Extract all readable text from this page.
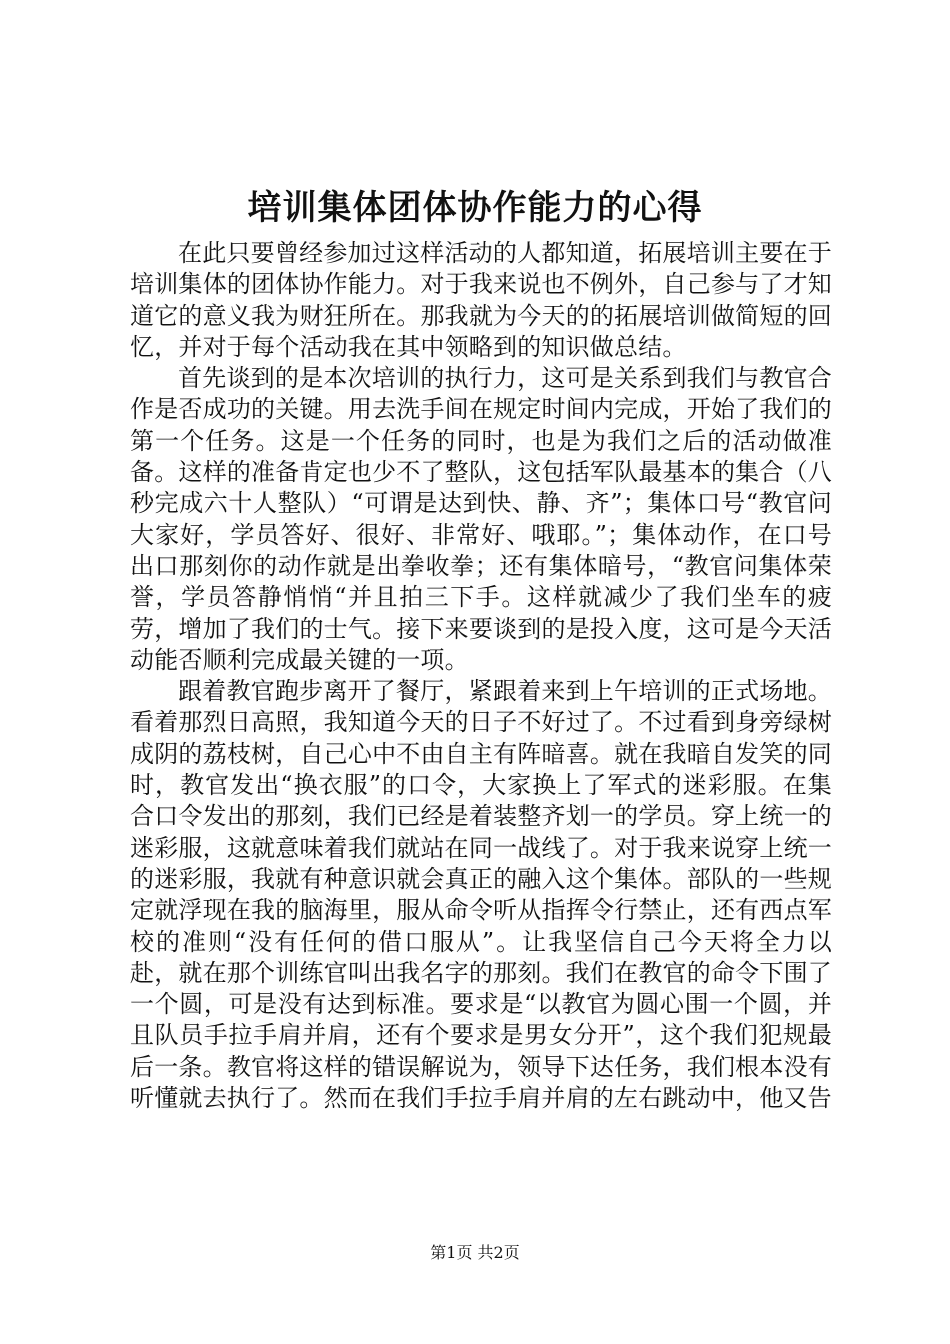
培训集体团体协作能力的心得

在此只要曾经参加过这样活动的人都知道，拓展培训主要在于培训集体的团体协作能力。对于我来说也不例外，自己参与了才知道它的意义我为财狂所在。那我就为今天的的拓展培训做简短的回忆，并对于每个活动我在其中领略到的知识做总结。

首先谈到的是本次培训的执行力，这可是关系到我们与教官合作是否成功的关键。用去洗手间在规定时间内完成，开始了我们的第一个任务。这是一个任务的同时，也是为我们之后的活动做准备。这样的准备肯定也少不了整队，这包括军队最基本的集合（八秒完成六十人整队）“可谓是达到快、静、齐”；集体口号“教官问大家好，学员答好、很好、非常好、哦耶。”；集体动作，在口号出口那刻你的动作就是出拳收拳；还有集体暗号，“教官问集体荣誉，学员答静悄悄“并且拍三下手。这样就减少了我们坐车的疲劳，增加了我们的士气。接下来要谈到的是投入度，这可是今天活动能否顺利完成最关键的一项。

跟着教官跑步离开了餐厅，紧跟着来到上午培训的正式场地。看着那烈日高照，我知道今天的日子不好过了。不过看到身旁绿树成阴的荔枝树，自己心中不由自主有阵暗喜。就在我暗自发笑的同时，教官发出“换衣服”的口令，大家换上了军式的迷彩服。在集合口令发出的那刻，我们已经是着装整齐划一的学员。穿上统一的迷彩服，这就意味着我们就站在同一战线了。对于我来说穿上统一的迷彩服，我就有种意识就会真正的融入这个集体。部队的一些规定就浮现在我的脑海里，服从命令听从指挥令行禁止，还有西点军校的准则“没有任何的借口服从”。让我坚信自己今天将全力以赴，就在那个训练官叫出我名字的那刻。我们在教官的命令下围了一个圆，可是没有达到标准。要求是“以教官为圆心围一个圆，并且队员手拉手肩并肩，还有个要求是男女分开”，这个我们犯规最后一条。教官将这样的错误解说为，领导下达任务，我们根本没有听懂就去执行了。然而在我们手拉手肩并肩的左右跳动中，他又告

第1页 共2页
